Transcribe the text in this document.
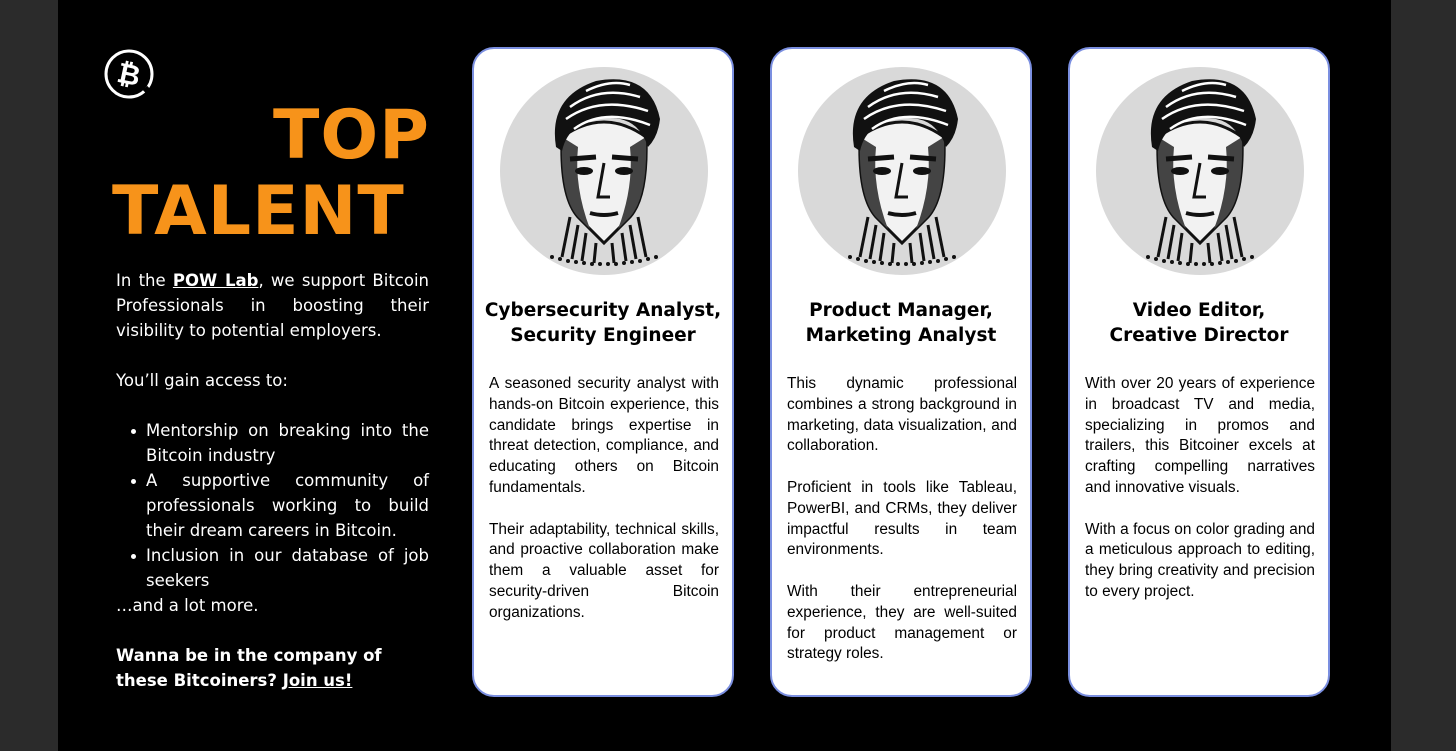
₿
TOP
TALENT

In the POW Lab, we support Bitcoin Professionals in boosting their visibility to potential employers.

You’ll gain access to:

Mentorship on breaking into the Bitcoin industry
A supportive community of professionals working to build their dream careers in Bitcoin.
Inclusion in our database of job seekers

…and a lot more.

Wanna be in the company of these Bitcoiners? Join us!

Cybersecurity Analyst,
Security Engineer

A seasoned security analyst with hands-on Bitcoin experience, this candidate brings expertise in threat detection, compliance, and educating others on Bitcoin fundamentals.

Their adaptability, technical skills, and proactive collaboration make them a valuable asset for security-driven Bitcoin organizations.

Product Manager,
Marketing Analyst

This dynamic professional combines a strong background in marketing, data visualization, and collaboration.

Proficient in tools like Tableau, PowerBI, and CRMs, they deliver impactful results in team environments.

With their entrepreneurial experience, they are well-suited for product management or strategy roles.

Video Editor,
Creative Director

With over 20 years of experience in broadcast TV and media, specializing in promos and trailers, this Bitcoiner excels at crafting compelling narratives and innovative visuals.

With a focus on color grading and a meticulous approach to editing, they bring creativity and precision to every project.
